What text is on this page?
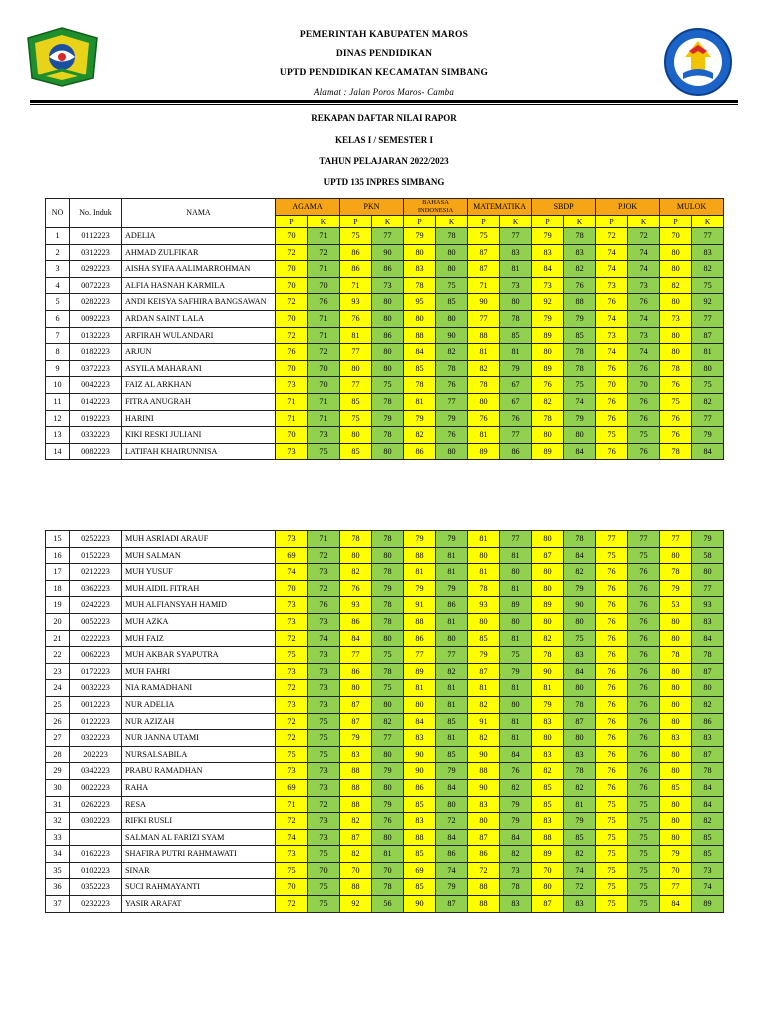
PEMERINTAH KABUPATEN MAROS
DINAS PENDIDIKAN
UPTD PENDIDIKAN KECAMATAN SIMBANG
Alamat : Jalan Poros Maros- Camba
REKAPAN DAFTAR NILAI RAPOR
KELAS I / SEMESTER I
TAHUN PELAJARAN 2022/2023
UPTD 135 INPRES SIMBANG
NO	No. Induk	NAMA	AGAMA		PKN		BAHASA INDONESIA		MATEMATIKA		SBDP		PJOK		MULOK	
			P	K	P	K	P	K	P	K	P	K	P	K	P	K
1	0112223	ADELIA	70	71	75	77	79	78	75	77	79	78	72	72	70	77
2	0312223	AHMAD ZULFIKAR	72	72	86	90	80	80	87	83	83	83	74	74	80	83
3	0292223	AISHA SYIFA AALIMARROHMAN	70	71	86	86	83	80	87	81	84	82	74	74	80	82
4	0072223	ALFIA HASNAH KARMILA	70	70	71	73	78	75	71	73	73	76	73	73	82	75
5	0282223	ANDI KEISYA SAFHIRA BANGSAWAN	72	76	93	80	95	85	90	80	92	88	76	76	80	92
6	0092223	ARDAN SAINT LALA	70	71	76	80	80	80	77	78	79	79	74	74	73	77
7	0132223	ARFIRAH WULANDARI	72	71	81	86	88	90	88	85	89	85	73	73	80	87
8	0182223	ARJUN	76	72	77	80	84	82	81	81	80	78	74	74	80	81
9	0372223	ASYILA MAHARANI	70	70	80	80	85	78	82	79	89	78	76	76	78	80
10	0042223	FAIZ AL ARKHAN	73	70	77	75	78	76	78	67	76	75	70	70	76	75
11	0142223	FITRA ANUGRAH	71	71	85	78	81	77	80	67	82	74	76	76	75	82
12	0192223	HARINI	71	71	75	79	79	79	76	76	78	79	76	76	76	77
13	0332223	KIKI RESKI JULIANI	70	73	80	78	82	76	81	77	80	80	75	75	76	79
14	0082223	LATIFAH KHAIRUNNISA	73	75	85	80	86	80	89	86	89	84	76	76	78	84
15	0252223	MUH ASRIADI ARAUF	73	71	78	78	79	79	81	77	80	78	77	77	77	79
16	0152223	MUH SALMAN	69	72	80	80	88	81	80	81	87	84	75	75	80	58
17	0212223	MUH YUSUF	74	73	82	78	81	81	81	80	80	82	76	76	78	80
18	0362223	MUH AIDIL FITRAH	70	72	76	79	79	79	78	81	80	79	76	76	79	77
19	0242223	MUH ALFIANSYAH HAMID	73	76	93	78	91	86	93	89	89	90	76	76	53	93
20	0052223	MUH AZKA	73	73	86	78	88	81	80	80	80	80	76	76	80	83
21	0222223	MUH FAIZ	72	74	84	80	86	80	85	81	82	75	76	76	80	84
22	0062223	MUH AKBAR SYAPUTRA	75	73	77	75	77	77	79	75	78	83	76	76	78	78
23	0172223	MUH FAHRI	73	73	86	78	89	82	87	79	90	84	76	76	80	87
24	0032223	NIA RAMADHANI	72	73	80	75	81	81	81	81	81	80	76	76	80	80
25	0012223	NUR ADELIA	73	73	87	80	80	81	82	80	79	78	76	76	80	82
26	0122223	NUR AZIZAH	72	75	87	82	84	85	91	81	83	87	76	76	80	86
27	0322223	NUR JANNA UTAMI	72	75	79	77	83	81	82	81	80	80	76	76	83	83
28	202223	NURSALSABILA	75	75	83	80	90	85	90	84	83	83	76	76	80	87
29	0342223	PRABU RAMADHAN	73	73	88	79	90	79	88	76	82	78	76	76	80	78
30	0022223	RAHA	69	73	88	80	86	84	90	82	85	82	76	76	85	84
31	0262223	RESA	71	72	88	79	85	80	83	79	85	81	75	75	80	84
32	0302223	RIFKI RUSLI	72	73	82	76	83	72	80	79	83	79	75	75	80	82
33		SALMAN AL FARIZI SYAM	74	73	87	80	88	84	87	84	88	85	75	75	80	85
34	0162223	SHAFIRA PUTRI RAHMAWATI	73	75	82	81	85	86	86	82	89	82	75	75	79	85
35	0102223	SINAR	75	70	70	70	69	74	72	73	70	74	75	75	70	73
36	0352223	SUCI RAHMAYANTI	70	75	88	78	85	79	88	78	80	72	75	75	77	74
37	0232223	YASIR ARAFAT	72	75	92	56	90	87	88	83	87	83	75	75	84	89
